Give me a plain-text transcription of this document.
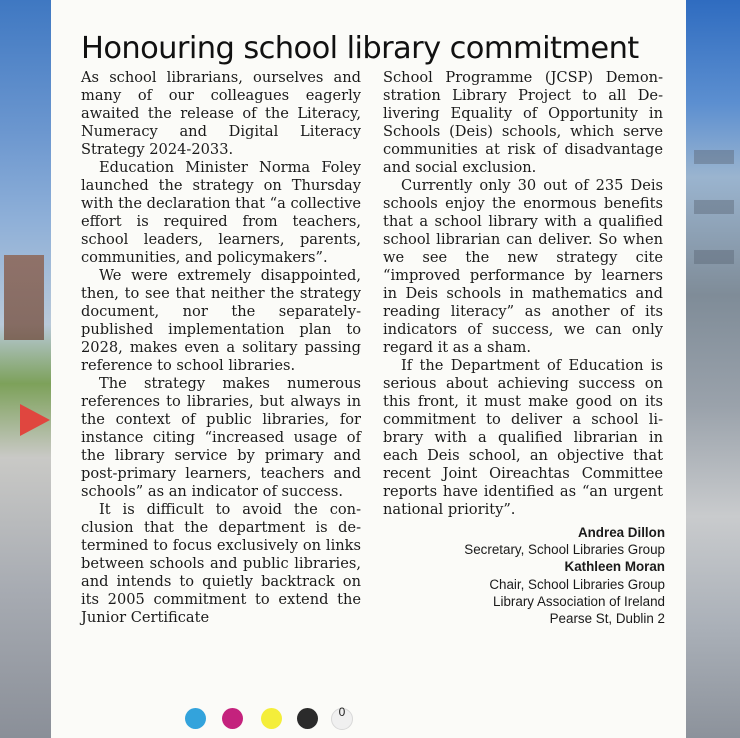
Honouring school library commitment

As school librarians, ourselves and many of our colleagues eagerly awaited the release of the Literacy, Numeracy and Digital Literacy Strategy 2024-2033.

Education Minister Norma Foley launched the strategy on Thursday with the declaration that “a collective effort is required from teachers, school leaders, learners, parents, communities, and policymakers”.

We were extremely disappointed, then, to see that neither the strategy document, nor the separately-published implementation plan to 2028, makes even a solitary passing reference to school libraries.

The strategy makes numerous references to libraries, but always in the context of public libraries, for instance citing “increased usage of the library service by primary and post-primary learners, teachers and schools” as an indicator of success.

It is difficult to avoid the conclusion that the department is determined to focus exclusively on links between schools and public libraries, and intends to quietly backtrack on its 2005 commitment to extend the Junior Certificate

School Programme (JCSP) Demonstration Library Project to all Delivering Equality of Opportunity in Schools (Deis) schools, which serve communities at risk of disadvantage and social exclusion.

Currently only 30 out of 235 Deis schools enjoy the enormous benefits that a school library with a qualified school librarian can deliver. So when we see the new strategy cite “improved performance by learners in Deis schools in mathematics and reading literacy” as another of its indicators of success, we can only regard it as a sham.

If the Department of Education is serious about achieving success on this front, it must make good on its commitment to deliver a school library with a qualified librarian in each Deis school, an objective that recent Joint Oireachtas Committee reports have identified as “an urgent national priority”.

Andrea Dillon
Secretary, School Libraries Group
Kathleen Moran
Chair, School Libraries Group
Library Association of Ireland
Pearse St, Dublin 2
0
